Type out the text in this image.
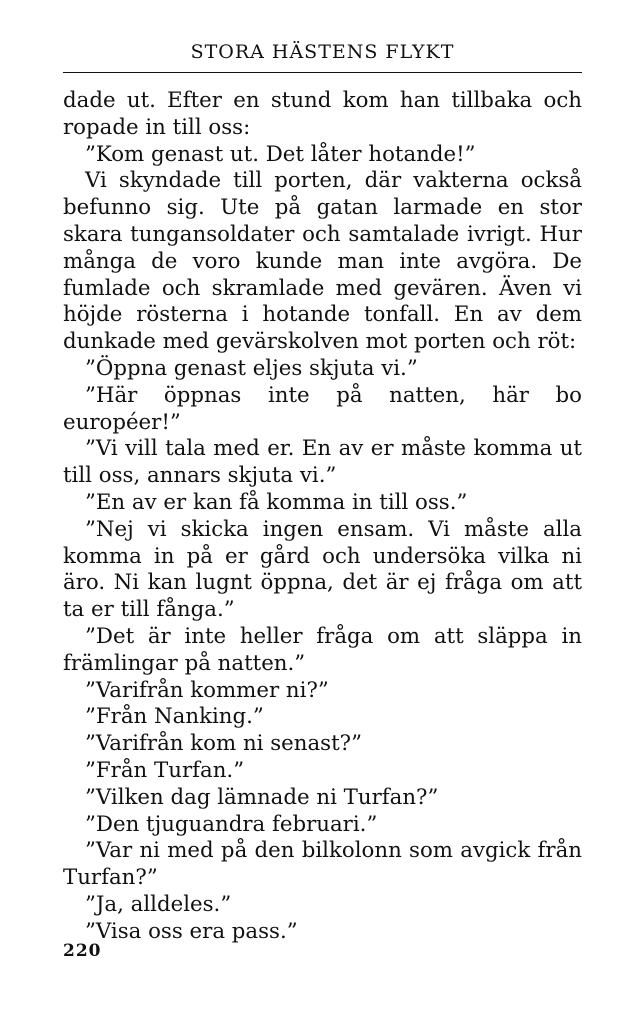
STORA HÄSTENS FLYKT

dade ut. Efter en stund kom han tillbaka och ropade in till oss:

”Kom genast ut. Det låter hotande!”

Vi skyndade till porten, där vakterna också befunno sig. Ute på gatan larmade en stor skara tungansoldater och samtalade ivrigt. Hur många de voro kunde man inte avgöra. De fumlade och skramlade med gevären. Även vi höjde rösterna i hotande tonfall. En av dem dunkade med gevärskolven mot porten och röt:

”Öppna genast eljes skjuta vi.”

”Här öppnas inte på natten, här bo européer!”

”Vi vill tala med er. En av er måste komma ut till oss, annars skjuta vi.”

”En av er kan få komma in till oss.”

”Nej vi skicka ingen ensam. Vi måste alla komma in på er gård och undersöka vilka ni äro. Ni kan lugnt öppna, det är ej fråga om att ta er till fånga.”

”Det är inte heller fråga om att släppa in främlingar på natten.”

”Varifrån kommer ni?”

”Från Nanking.”

”Varifrån kom ni senast?”

”Från Turfan.”

”Vilken dag lämnade ni Turfan?”

”Den tjuguandra februari.”

”Var ni med på den bilkolonn som avgick från Turfan?”

”Ja, alldeles.”

”Visa oss era pass.”

220
